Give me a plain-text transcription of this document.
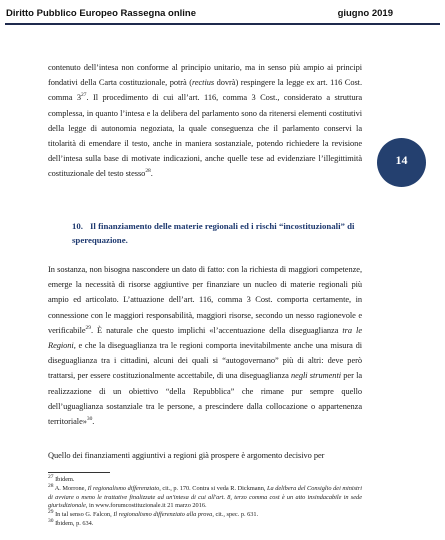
Diritto Pubblico Europeo Rassegna online	giugno 2019
14
contenuto dell’intesa non conforme al principio unitario, ma in senso più ampio ai principi fondativi della Carta costituzionale, potrà (rectius dovrà) respingere la legge ex art. 116 Cost. comma $3^{27}$. Il procedimento di cui all’art. 116, comma 3 Cost., considerato a struttura complessa, in quanto l’intesa e la delibera del parlamento sono da ritenersi elementi costitutivi della legge di autonomia negoziata, la quale conseguenza che il parlamento conservi la titolarità di emendare il testo, anche in maniera sostanziale, potendo richiedere la revisione dell’intesa sulla base di motivate indicazioni, anche quelle tese ad evidenziare l’illegittimità costituzionale del testo stesso$^{28}$.
10. Il finanziamento delle materie regionali ed i rischi “incostituzionali” di sperequazione.
In sostanza, non bisogna nascondere un dato di fatto: con la richiesta di maggiori competenze, emerge la necessità di risorse aggiuntive per finanziare un nucleo di materie regionali più ampio ed articolato. L’attuazione dell’art. 116, comma 3 Cost. comporta certamente, in connessione con le maggiori responsabilità, maggiori risorse, secondo un nesso ragionevole e verificabile$^{29}$. È naturale che questo implichi «l’accentuazione della diseguaglianza tra le Regioni, e che la diseguaglianza tra le regioni comporta inevitabilmente anche una misura di diseguaglianza tra i cittadini, alcuni dei quali si “autogovernano” più di altri: deve però trattarsi, per essere costituzionalmente accettabile, di una diseguaglianza negli strumenti per la realizzazione di un obiettivo “della Repubblica” che rimane pur sempre quello dell’uguaglianza sostanziale tra le persone, a prescindere dalla collocazione o appartenenza territoriale»$^{30}$.
Quello dei finanziamenti aggiuntivi a regioni già prospere è argomento decisivo per

$^{27}$ Ibidem.

$^{28}$ A. Morrone, Il regionalismo differenziato, cit., p. 170. Contra si veda R. Dickmann, La delibera del Consiglio dei ministri di avviare o meno le trattative finalizzate ad un'intesa di cui all'art. 8, terzo comma cost è un atto insindacabile in sede giurisdizionale, in www.forumcostituzionale.it 21 marzo 2016.

$^{29}$ In tal senso G. Falcon, Il regionalismo differenziato alla prova, cit., spec. p. 631.

$^{30}$ Ibidem, p. 634.
